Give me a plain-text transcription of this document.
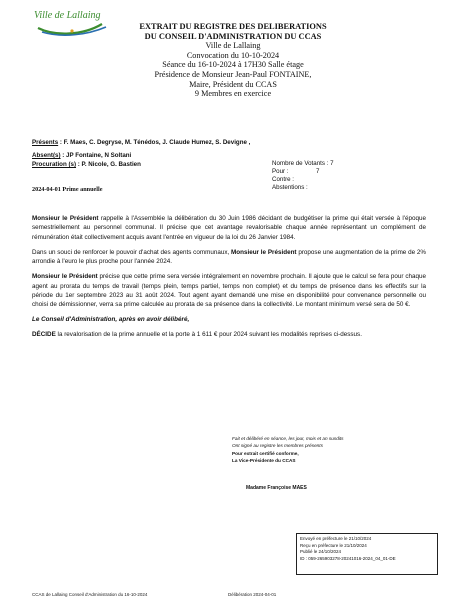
Ville de Lallaing
EXTRAIT DU REGISTRE DES DELIBERATIONS
DU CONSEIL D'ADMINISTRATION DU CCAS
Ville de Lallaing
Convocation du 10-10-2024
Séance du 16-10-2024 à 17H30 Salle étage
Présidence de Monsieur Jean-Paul FONTAINE,
Maire, Président du CCAS
9 Membres en exercice
Présents : F. Maes, C. Degryse, M. Ténédos, J. Claude Humez, S. Devigne ,
Absent(s) : JP Fontaine, N Soltani
Procuration (s) : P. Nicole, G. Bastien	Nombre de Votants : 7
Pour :	7
Contre :
Abstentions :
2024-04-01 Prime annuelle

Monsieur le Président rappelle à l'Assemblée la délibération du 30 Juin 1986 décidant de budgétiser la prime qui était versée à l'époque semestriellement au personnel communal. Il précise que cet avantage revalorisable chaque année représentant un complément de rémunération était collectivement acquis avant l'entrée en vigueur de la loi du 26 Janvier 1984.

Dans un souci de renforcer le pouvoir d'achat des agents communaux, Monsieur le Président propose une augmentation de la prime de 2% arrondie à l'euro le plus proche pour l'année 2024.

Monsieur le Président précise que cette prime sera versée intégralement en novembre prochain. Il ajoute que le calcul se fera pour chaque agent au prorata du temps de travail (temps plein, temps partiel, temps non complet) et du temps de présence dans les effectifs sur la période du 1er septembre 2023 au 31 août 2024. Tout agent ayant demandé une mise en disponibilité pour convenance personnelle ou choisi de démissionner, verra sa prime calculée au prorata de sa présence dans la collectivité. Le montant minimum versé sera de 50 €.

Le Conseil d'Administration, après en avoir délibéré,

DÉCIDE la revalorisation de la prime annuelle et la porte à 1 611 € pour 2024 suivant les modalités reprises ci-dessus.

Fait et délibéré en séance, les jour, mois et an susdits
Ont signé au registre les membres présents
Pour extrait certifié conforme,
La Vice-Présidente du CCAS
Madame Françoise MAES
Envoyé en préfecture le 21/10/2024
Reçu en préfecture le 21/10/2024
Publié le 24/10/2024
ID : 059-265903278-20241016-2024_04_01-DE
CCAS de Lallaing Conseil d'Administration du 16-10-2024	Délibération 2024-04-01
